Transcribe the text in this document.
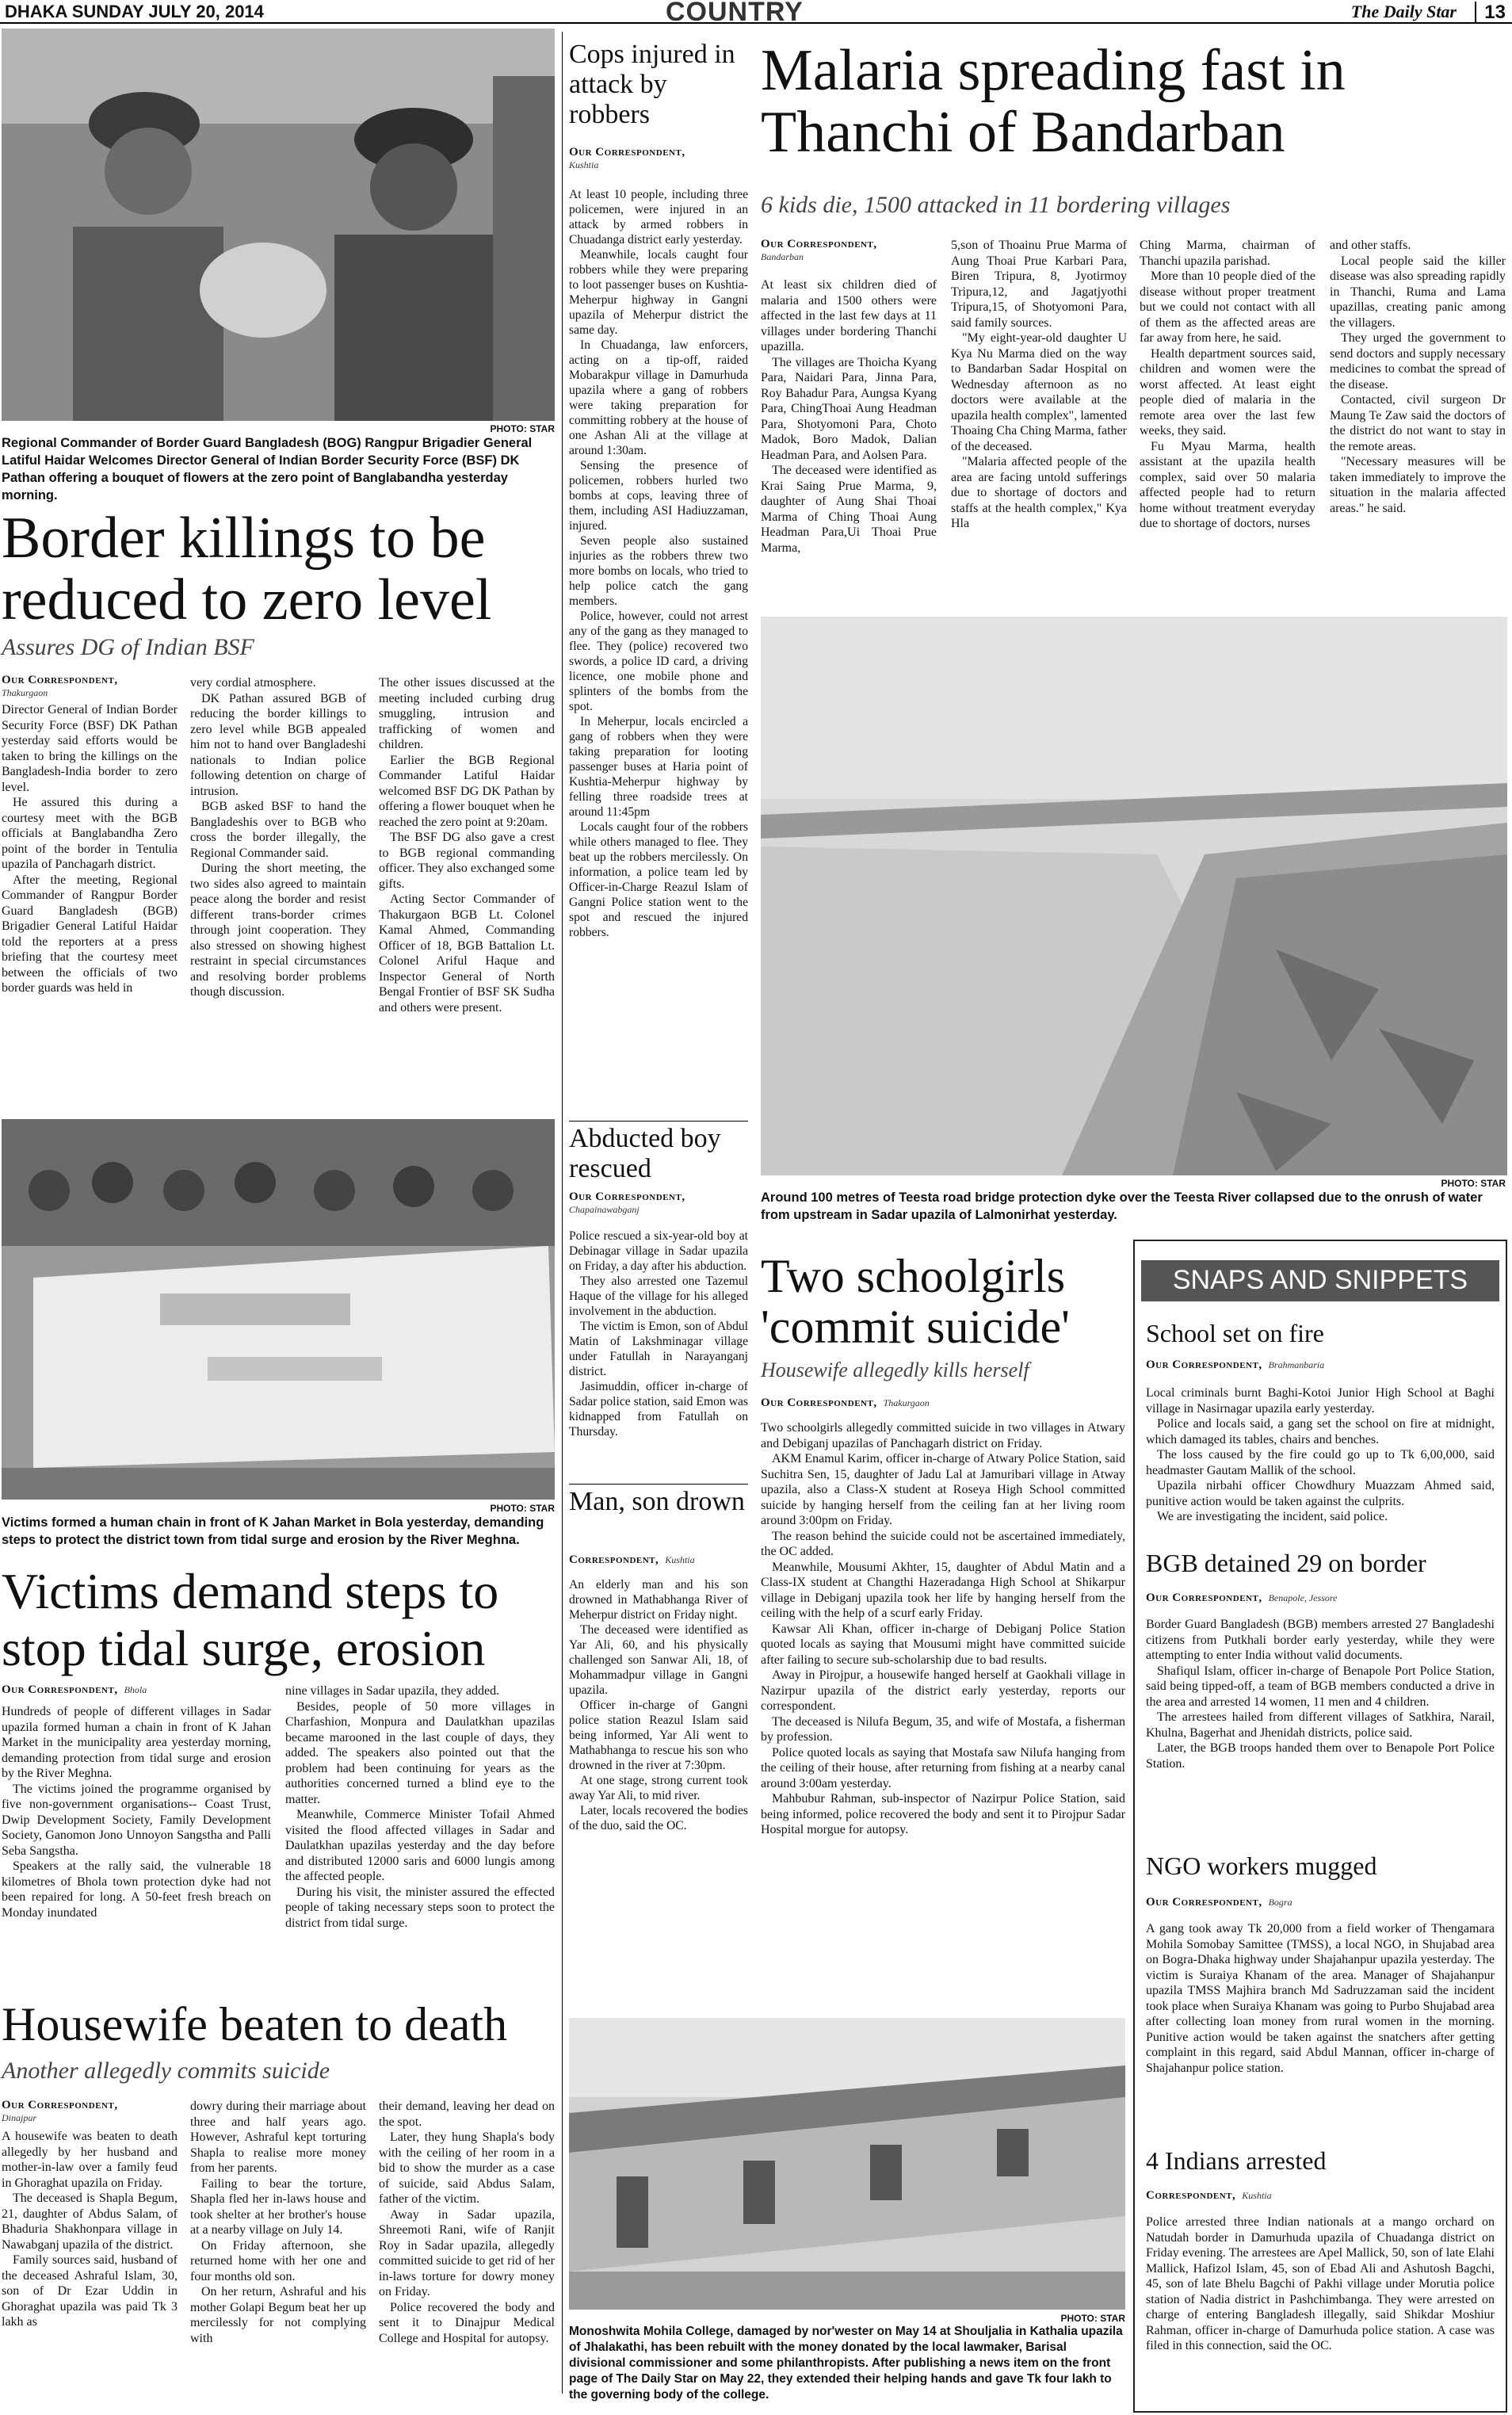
DHAKA SUNDAY JULY 20, 2014	COUNTRY	The Daily Star	13
PHOTO: STAR
Regional Commander of Border Guard Bangladesh (BOG) Rangpur Brigadier General Latiful Haidar Welcomes Director General of Indian Border Security Force (BSF) DK Pathan offering a bouquet of flowers at the zero point of Banglabandha yesterday morning.
Border killings to be reduced to zero level
Assures DG of Indian BSF
Our Correspondent,
Thakurgaon

Director General of Indian Border Security Force (BSF) DK Pathan yesterday said efforts would be taken to bring the killings on the Bangladesh-India border to zero level.

He assured this during a courtesy meet with the BGB officials at Banglabandha Zero point of the border in Tentulia upazila of Panchagarh district.

After the meeting, Regional Commander of Rangpur Border Guard Bangladesh (BGB) Brigadier General Latiful Haidar told the reporters at a press briefing that the courtesy meet between the officials of two border guards was held in

very cordial atmosphere.

DK Pathan assured BGB of reducing the border killings to zero level while BGB appealed him not to hand over Bangladeshi nationals to Indian police following detention on charge of intrusion.

BGB asked BSF to hand the Bangladeshis over to BGB who cross the border illegally, the Regional Commander said.

During the short meeting, the two sides also agreed to maintain peace along the border and resist different trans-border crimes through joint cooperation. They also stressed on showing highest restraint in special circumstances and resolving border problems though discussion.

The other issues discussed at the meeting included curbing drug smuggling, intrusion and trafficking of women and children.

Earlier the BGB Regional Commander Latiful Haidar welcomed BSF DG DK Pathan by offering a flower bouquet when he reached the zero point at 9:20am.

The BSF DG also gave a crest to BGB regional commanding officer. They also exchanged some gifts.

Acting Sector Commander of Thakurgaon BGB Lt. Colonel Kamal Ahmed, Commanding Officer of 18, BGB Battalion Lt. Colonel Ariful Haque and Inspector General of North Bengal Frontier of BSF SK Sudha and others were present.

Cops injured in attack by robbers
Our Correspondent,
Kushtia

At least 10 people, including three policemen, were injured in an attack by armed robbers in Chuadanga district early yesterday.

Meanwhile, locals caught four robbers while they were preparing to loot passenger buses on Kushtia-Meherpur highway in Gangni upazila of Meherpur district the same day.

In Chuadanga, law enforcers, acting on a tip-off, raided Mobarakpur village in Damurhuda upazila where a gang of robbers were taking preparation for committing robbery at the house of one Ashan Ali at the village at around 1:30am.

Sensing the presence of policemen, robbers hurled two bombs at cops, leaving three of them, including ASI Hadiuzzaman, injured.

Seven people also sustained injuries as the robbers threw two more bombs on locals, who tried to help police catch the gang members.

Police, however, could not arrest any of the gang as they managed to flee. They (police) recovered two swords, a police ID card, a driving licence, one mobile phone and splinters of the bombs from the spot.

In Meherpur, locals encircled a gang of robbers when they were taking preparation for looting passenger buses at Haria point of Kushtia-Meherpur highway by felling three roadside trees at around 11:45pm

Locals caught four of the robbers while others managed to flee. They beat up the robbers mercilessly. On information, a police team led by Officer-in-Charge Reazul Islam of Gangni Police station went to the spot and rescued the injured robbers.

Abducted boy rescued
Our Correspondent,
Chapainawabganj

Police rescued a six-year-old boy at Debinagar village in Sadar upazila on Friday, a day after his abduction.

They also arrested one Tazemul Haque of the village for his alleged involvement in the abduction.

The victim is Emon, son of Abdul Matin of Lakshminagar village under Fatullah in Narayanganj district.

Jasimuddin, officer in-charge of Sadar police station, said Emon was kidnapped from Fatullah on Thursday.

Man, son drown
Correspondent, Kushtia

An elderly man and his son drowned in Mathabhanga River of Meherpur district on Friday night.

The deceased were identified as Yar Ali, 60, and his physically challenged son Sanwar Ali, 18, of Mohammadpur village in Gangni upazila.

Officer in-charge of Gangni police station Reazul Islam said being informed, Yar Ali went to Mathabhanga to rescue his son who drowned in the river at 7:30pm.

At one stage, strong current took away Yar Ali, to mid river.

Later, locals recovered the bodies of the duo, said the OC.

Malaria spreading fast in Thanchi of Bandarban
6 kids die, 1500 attacked in 11 bordering villages
Our Correspondent,
Bandarban

At least six children died of malaria and 1500 others were affected in the last few days at 11 villages under bordering Thanchi upazilla.

The villages are Thoicha Kyang Para, Naidari Para, Jinna Para, Roy Bahadur Para, Aungsa Kyang Para, ChingThoai Aung Headman Para, Shotyomoni Para, Choto Madok, Boro Madok, Dalian Headman Para, and Aolsen Para.

The deceased were identified as Krai Saing Prue Marma, 9, daughter of Aung Shai Thoai Marma of Ching Thoai Aung Headman Para,Ui Thoai Prue Marma,

5,son of Thoainu Prue Marma of Aung Thoai Prue Karbari Para, Biren Tripura, 8, Jyotirmoy Tripura,12, and Jagatjyothi Tripura,15, of Shotyomoni Para, said family sources.

"My eight-year-old daughter U Kya Nu Marma died on the way to Bandarban Sadar Hospital on Wednesday afternoon as no doctors were available at the upazila health complex", lamented Thoaing Cha Ching Marma, father of the deceased.

"Malaria affected people of the area are facing untold sufferings due to shortage of doctors and staffs at the health complex," Kya Hla

Ching Marma, chairman of Thanchi upazila parishad.

More than 10 people died of the disease without proper treatment but we could not contact with all of them as the affected areas are far away from here, he said.

Health department sources said, children and women were the worst affected. At least eight people died of malaria in the remote area over the last few weeks, they said.

Fu Myau Marma, health assistant at the upazila health complex, said over 50 malaria affected people had to return home without treatment everyday due to shortage of doctors, nurses

and other staffs.

Local people said the killer disease was also spreading rapidly in Thanchi, Ruma and Lama upazillas, creating panic among the villagers.

They urged the government to send doctors and supply necessary medicines to combat the spread of the disease.

Contacted, civil surgeon Dr Maung Te Zaw said the doctors of the district do not want to stay in the remote areas.

"Necessary measures will be taken immediately to improve the situation in the malaria affected areas." he said.

PHOTO: STAR
Around 100 metres of Teesta road bridge protection dyke over the Teesta River collapsed due to the onrush of water from upstream in Sadar upazila of Lalmonirhat yesterday.
PHOTO: STAR
Victims formed a human chain in front of K Jahan Market in Bola yesterday, demanding steps to protect the district town from tidal surge and erosion by the River Meghna.
Victims demand steps to stop tidal surge, erosion
Our Correspondent, Bhola

Hundreds of people of different villages in Sadar upazila formed human a chain in front of K Jahan Market in the municipality area yesterday morning, demanding protection from tidal surge and erosion by the River Meghna.

The victims joined the programme organised by five non-government organisations-- Coast Trust, Dwip Development Society, Family Development Society, Ganomon Jono Unnoyon Sangstha and Palli Seba Sangstha.

Speakers at the rally said, the vulnerable 18 kilometres of Bhola town protection dyke had not been repaired for long. A 50-feet fresh breach on Monday inundated

nine villages in Sadar upazila, they added.

Besides, people of 50 more villages in Charfashion, Monpura and Daulatkhan upazilas became marooned in the last couple of days, they added. The speakers also pointed out that the problem had been continuing for years as the authorities concerned turned a blind eye to the matter.

Meanwhile, Commerce Minister Tofail Ahmed visited the flood affected villages in Sadar and Daulatkhan upazilas yesterday and the day before and distributed 12000 saris and 6000 lungis among the affected people.

During his visit, the minister assured the effected people of taking necessary steps soon to protect the district from tidal surge.

Housewife beaten to death
Another allegedly commits suicide
Our Correspondent,
Dinajpur

A housewife was beaten to death allegedly by her husband and mother-in-law over a family feud in Ghoraghat upazila on Friday.

The deceased is Shapla Begum, 21, daughter of Abdus Salam, of Bhaduria Shakhonpara village in Nawabganj upazila of the district.

Family sources said, husband of the deceased Ashraful Islam, 30, son of Dr Ezar Uddin in Ghoraghat upazila was paid Tk 3 lakh as

dowry during their marriage about three and half years ago. However, Ashraful kept torturing Shapla to realise more money from her parents.

Failing to bear the torture, Shapla fled her in-laws house and took shelter at her brother's house at a nearby village on July 14.

On Friday afternoon, she returned home with her one and four months old son.

On her return, Ashraful and his mother Golapi Begum beat her up mercilessly for not complying with

their demand, leaving her dead on the spot.

Later, they hung Shapla's body with the ceiling of her room in a bid to show the murder as a case of suicide, said Abdus Salam, father of the victim.

Away in Sadar upazila, Shreemoti Rani, wife of Ranjit Roy in Sadar upazila, allegedly committed suicide to get rid of her in-laws torture for dowry money on Friday.

Police recovered the body and sent it to Dinajpur Medical College and Hospital for autopsy.

Two schoolgirls 'commit suicide'
Housewife allegedly kills herself
Our Correspondent, Thakurgaon

Two schoolgirls allegedly committed suicide in two villages in Atwary and Debiganj upazilas of Panchagarh district on Friday.

AKM Enamul Karim, officer in-charge of Atwary Police Station, said Suchitra Sen, 15, daughter of Jadu Lal at Jamuribari village in Atway upazila, also a Class-X student at Roseya High School committed suicide by hanging herself from the ceiling fan at her living room around 3:00pm on Friday.

The reason behind the suicide could not be ascertained immediately, the OC added.

Meanwhile, Mousumi Akhter, 15, daughter of Abdul Matin and a Class-IX student at Changthi Hazeradanga High School at Shikarpur village in Debiganj upazila took her life by hanging herself from the ceiling with the help of a scurf early Friday.

Kawsar Ali Khan, officer in-charge of Debiganj Police Station quoted locals as saying that Mousumi might have committed suicide after failing to secure sub-scholarship due to bad results.

Away in Pirojpur, a housewife hanged herself at Gaokhali village in Nazirpur upazila of the district early yesterday, reports our correspondent.

The deceased is Nilufa Begum, 35, and wife of Mostafa, a fisherman by profession.

Police quoted locals as saying that Mostafa saw Nilufa hanging from the ceiling of their house, after returning from fishing at a nearby canal around 3:00am yesterday.

Mahbubur Rahman, sub-inspector of Nazirpur Police Station, said being informed, police recovered the body and sent it to Pirojpur Sadar Hospital morgue for autopsy.

PHOTO: STAR
Monoshwita Mohila College, damaged by nor'wester on May 14 at Shouljalia in Kathalia upazila of Jhalakathi, has been rebuilt with the money donated by the local lawmaker, Barisal divisional commissioner and some philanthropists. After publishing a news item on the front page of The Daily Star on May 22, they extended their helping hands and gave Tk four lakh to the governing body of the college.
SNAPS AND SNIPPETS
School set on fire
Our Correspondent, Brahmanbaria

Local criminals burnt Baghi-Kotoi Junior High School at Baghi village in Nasirnagar upazila early yesterday.

Police and locals said, a gang set the school on fire at midnight, which damaged its tables, chairs and benches.

The loss caused by the fire could go up to Tk 6,00,000, said headmaster Gautam Mallik of the school.

Upazila nirbahi officer Chowdhury Muazzam Ahmed said, punitive action would be taken against the culprits.

We are investigating the incident, said police.

BGB detained 29 on border
Our Correspondent, Benapole, Jessore

Border Guard Bangladesh (BGB) members arrested 27 Bangladeshi citizens from Putkhali border early yesterday, while they were attempting to enter India without valid documents.

Shafiqul Islam, officer in-charge of Benapole Port Police Station, said being tipped-off, a team of BGB members conducted a drive in the area and arrested 14 women, 11 men and 4 children.

The arrestees hailed from different villages of Satkhira, Narail, Khulna, Bagerhat and Jhenidah districts, police said.

Later, the BGB troops handed them over to Benapole Port Police Station.

NGO workers mugged
Our Correspondent, Bogra

A gang took away Tk 20,000 from a field worker of Thengamara Mohila Somobay Samittee (TMSS), a local NGO, in Shujabad area on Bogra-Dhaka highway under Shajahanpur upazila yesterday. The victim is Suraiya Khanam of the area. Manager of Shajahanpur upazila TMSS Majhira branch Md Sadruzzaman said the incident took place when Suraiya Khanam was going to Purbo Shujabad area after collecting loan money from rural women in the morning. Punitive action would be taken against the snatchers after getting complaint in this regard, said Abdul Mannan, officer in-charge of Shajahanpur police station.

4 Indians arrested
Correspondent, Kushtia

Police arrested three Indian nationals at a mango orchard on Natudah border in Damurhuda upazila of Chuadanga district on Friday evening. The arrestees are Apel Mallick, 50, son of late Elahi Mallick, Hafizol Islam, 45, son of Ebad Ali and Ashutosh Bagchi, 45, son of late Bhelu Bagchi of Pakhi village under Morutia police station of Nadia district in Pashchimbanga. They were arrested on charge of entering Bangladesh illegally, said Shikdar Moshiur Rahman, officer in-charge of Damurhuda police station. A case was filed in this connection, said the OC.
